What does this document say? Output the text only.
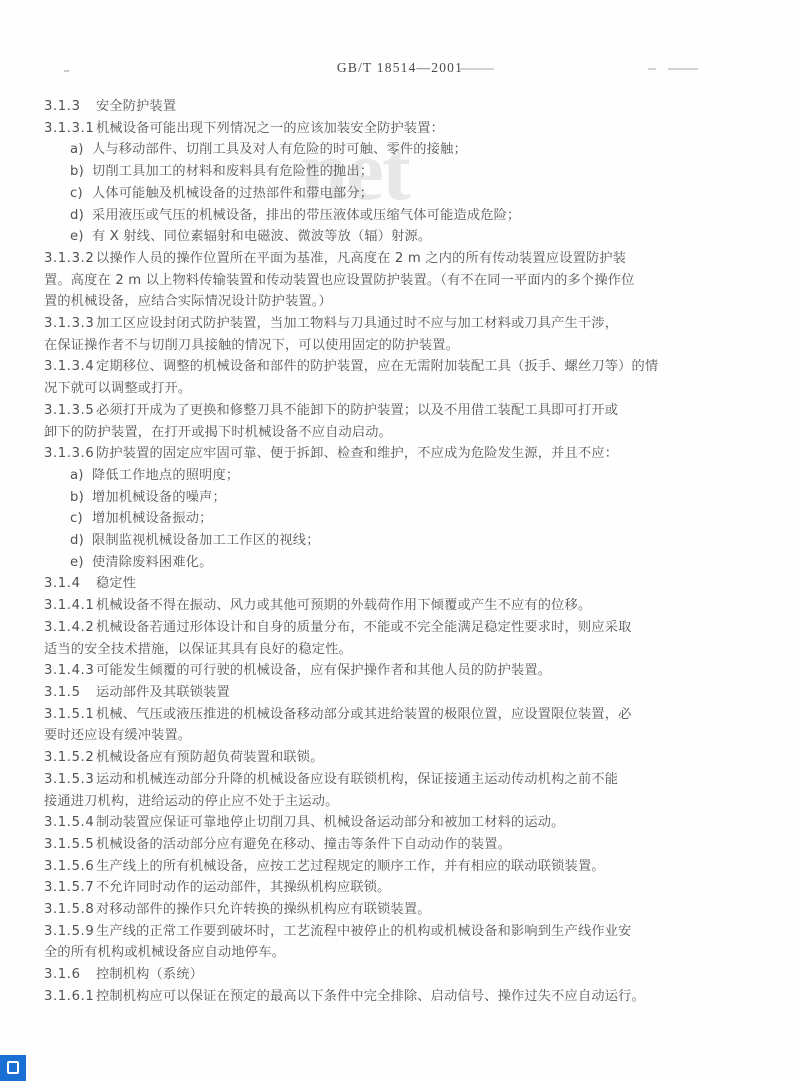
GB/T 18514—2001
net
3.1.3 安全防护装置
3.1.3.1 机械设备可能出现下列情况之一的应该加装安全防护装置：
a) 人与移动部件、切削工具及对人有危险的时可触、零件的接触；
b) 切削工具加工的材料和废料具有危险性的抛出；
c) 人体可能触及机械设备的过热部件和带电部分；
d) 采用液压或气压的机械设备，排出的带压液体或压缩气体可能造成危险；
e) 有 X 射线、同位素辐射和电磁波、微波等放（辐）射源。
3.1.3.2 以操作人员的操作位置所在平面为基准，凡高度在 2 m 之内的所有传动装置应设置防护装
置。高度在 2 m 以上物料传输装置和传动装置也应设置防护装置。（有不在同一平面内的多个操作位
置的机械设备，应结合实际情况设计防护装置。）
3.1.3.3 加工区应设封闭式防护装置，当加工物料与刀具通过时不应与加工材料或刀具产生干涉，
在保证操作者不与切削刀具接触的情况下，可以使用固定的防护装置。
3.1.3.4 定期移位、调整的机械设备和部件的防护装置，应在无需附加装配工具（扳手、螺丝刀等）的情
况下就可以调整或打开。
3.1.3.5 必须打开成为了更换和修整刀具不能卸下的防护装置；以及不用借工装配工具即可打开或
卸下的防护装置，在打开或揭下时机械设备不应自动启动。
3.1.3.6 防护装置的固定应牢固可靠、便于拆卸、检查和维护，不应成为危险发生源，并且不应：
a) 降低工作地点的照明度；
b) 增加机械设备的噪声；
c) 增加机械设备振动；
d) 限制监视机械设备加工工作区的视线；
e) 使清除废料困难化。
3.1.4 稳定性
3.1.4.1 机械设备不得在振动、风力或其他可预期的外载荷作用下倾覆或产生不应有的位移。
3.1.4.2 机械设备若通过形体设计和自身的质量分布，不能或不完全能满足稳定性要求时，则应采取
适当的安全技术措施，以保证其具有良好的稳定性。
3.1.4.3 可能发生倾覆的可行驶的机械设备，应有保护操作者和其他人员的防护装置。
3.1.5 运动部件及其联锁装置
3.1.5.1 机械、气压或液压推进的机械设备移动部分或其进给装置的极限位置，应设置限位装置，必
要时还应设有缓冲装置。
3.1.5.2 机械设备应有预防超负荷装置和联锁。
3.1.5.3 运动和机械连动部分升降的机械设备应设有联锁机构，保证接通主运动传动机构之前不能
接通进刀机构，进给运动的停止应不处于主运动。
3.1.5.4 制动装置应保证可靠地停止切削刀具、机械设备运动部分和被加工材料的运动。
3.1.5.5 机械设备的活动部分应有避免在移动、撞击等条件下自动动作的装置。
3.1.5.6 生产线上的所有机械设备，应按工艺过程规定的顺序工作，并有相应的联动联锁装置。
3.1.5.7 不允许同时动作的运动部件，其操纵机构应联锁。
3.1.5.8 对移动部件的操作只允许转换的操纵机构应有联锁装置。
3.1.5.9 生产线的正常工作要到破坏时，工艺流程中被停止的机构或机械设备和影响到生产线作业安
全的所有机构或机械设备应自动地停车。
3.1.6 控制机构（系统）
3.1.6.1 控制机构应可以保证在预定的最高以下条件中完全排除、启动信号、操作过失不应自动运行。
